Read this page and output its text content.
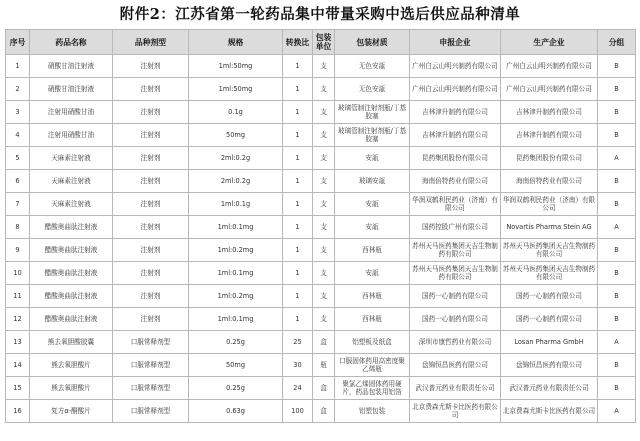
附件2：江苏省第一轮药品集中带量采购中选后供应品种清单
序号	药品名称	品种剂型	规格	转换比	包装单位	包装材质	申报企业	生产企业	分组
1	硝酸甘油注射液	注射剂	1ml:50mg	1	支	无色安瓿	广州白云山明兴制药有限公司	广州白云山明兴制药有限公司	B
2	硝酸甘油注射液	注射剂	1ml:50mg	1	支	无色安瓿	广州白云山明兴制药有限公司	广州白云山明兴制药有限公司	B
3	注射用硝酸甘油	注射剂	0.1g	1	支	玻璃管制注射剂瓶/丁基胶塞	吉林津升制药有限公司	吉林津升制药有限公司	B
4	注射用硝酸甘油	注射剂	50mg	1	支	玻璃管制注射剂瓶/丁基胶塞	吉林津升制药有限公司	吉林津升制药有限公司	B
5	天麻素注射液	注射剂	2ml:0.2g	1	支	安瓿	昆药集团股份有限公司	昆药集团股份有限公司	A
6	天麻素注射液	注射剂	2ml:0.2g	1	支	玻璃安瓿	海南倍特药业有限公司	海南倍特药业有限公司	B
7	天麻素注射液	注射剂	1ml:0.1g	1	支	安瓿	华润双鹤利民药业（济南）有限公司	华润双鹤利民药业（济南）有限公司	B
8	醋酸奥曲肽注射液	注射剂	1ml:0.1mg	1	支	安瓿	国药控股广州有限公司	Novartis Pharma Stein AG	A
9	醋酸奥曲肽注射液	注射剂	1ml:0.2mg	1	支	西林瓶	苏州天马医药集团天吉生物制药有限公司	苏州天马医药集团天吉生物制药有限公司	B
10	醋酸奥曲肽注射液	注射剂	1ml:0.1mg	1	支	安瓿	苏州天马医药集团天吉生物制药有限公司	苏州天马医药集团天吉生物制药有限公司	B
11	醋酸奥曲肽注射液	注射剂	1ml:0.2mg	1	支	西林瓶	国药一心制药有限公司	国药一心制药有限公司	B
12	醋酸奥曲肽注射液	注射剂	1ml:0.1mg	1	支	西林瓶	国药一心制药有限公司	国药一心制药有限公司	B
13	熊去氧胆酸胶囊	口服常释剂型	0.25g	25	盒	铝塑板及纸盒	深圳市康哲药业有限公司	Losan Pharma GmbH	A
14	熊去氧胆酸片	口服常释剂型	50mg	30	瓶	口服固体药用高密度聚乙烯瓶	盘锦恒昌医药有限公司	盘锦恒昌医药有限公司	B
15	熊去氧胆酸片	口服常释剂型	0.25g	24	盒	聚氯乙烯固体药用硬片，药品包装用铝箔	武汉普元药业有限责任公司	武汉普元药业有限责任公司	B
16	复方α-酮酸片	口服常释剂型	0.63g	100	盒	铝塑包装	北京费森尤斯卡比医药有限公司	北京费森尤斯卡比医药有限公司	A
